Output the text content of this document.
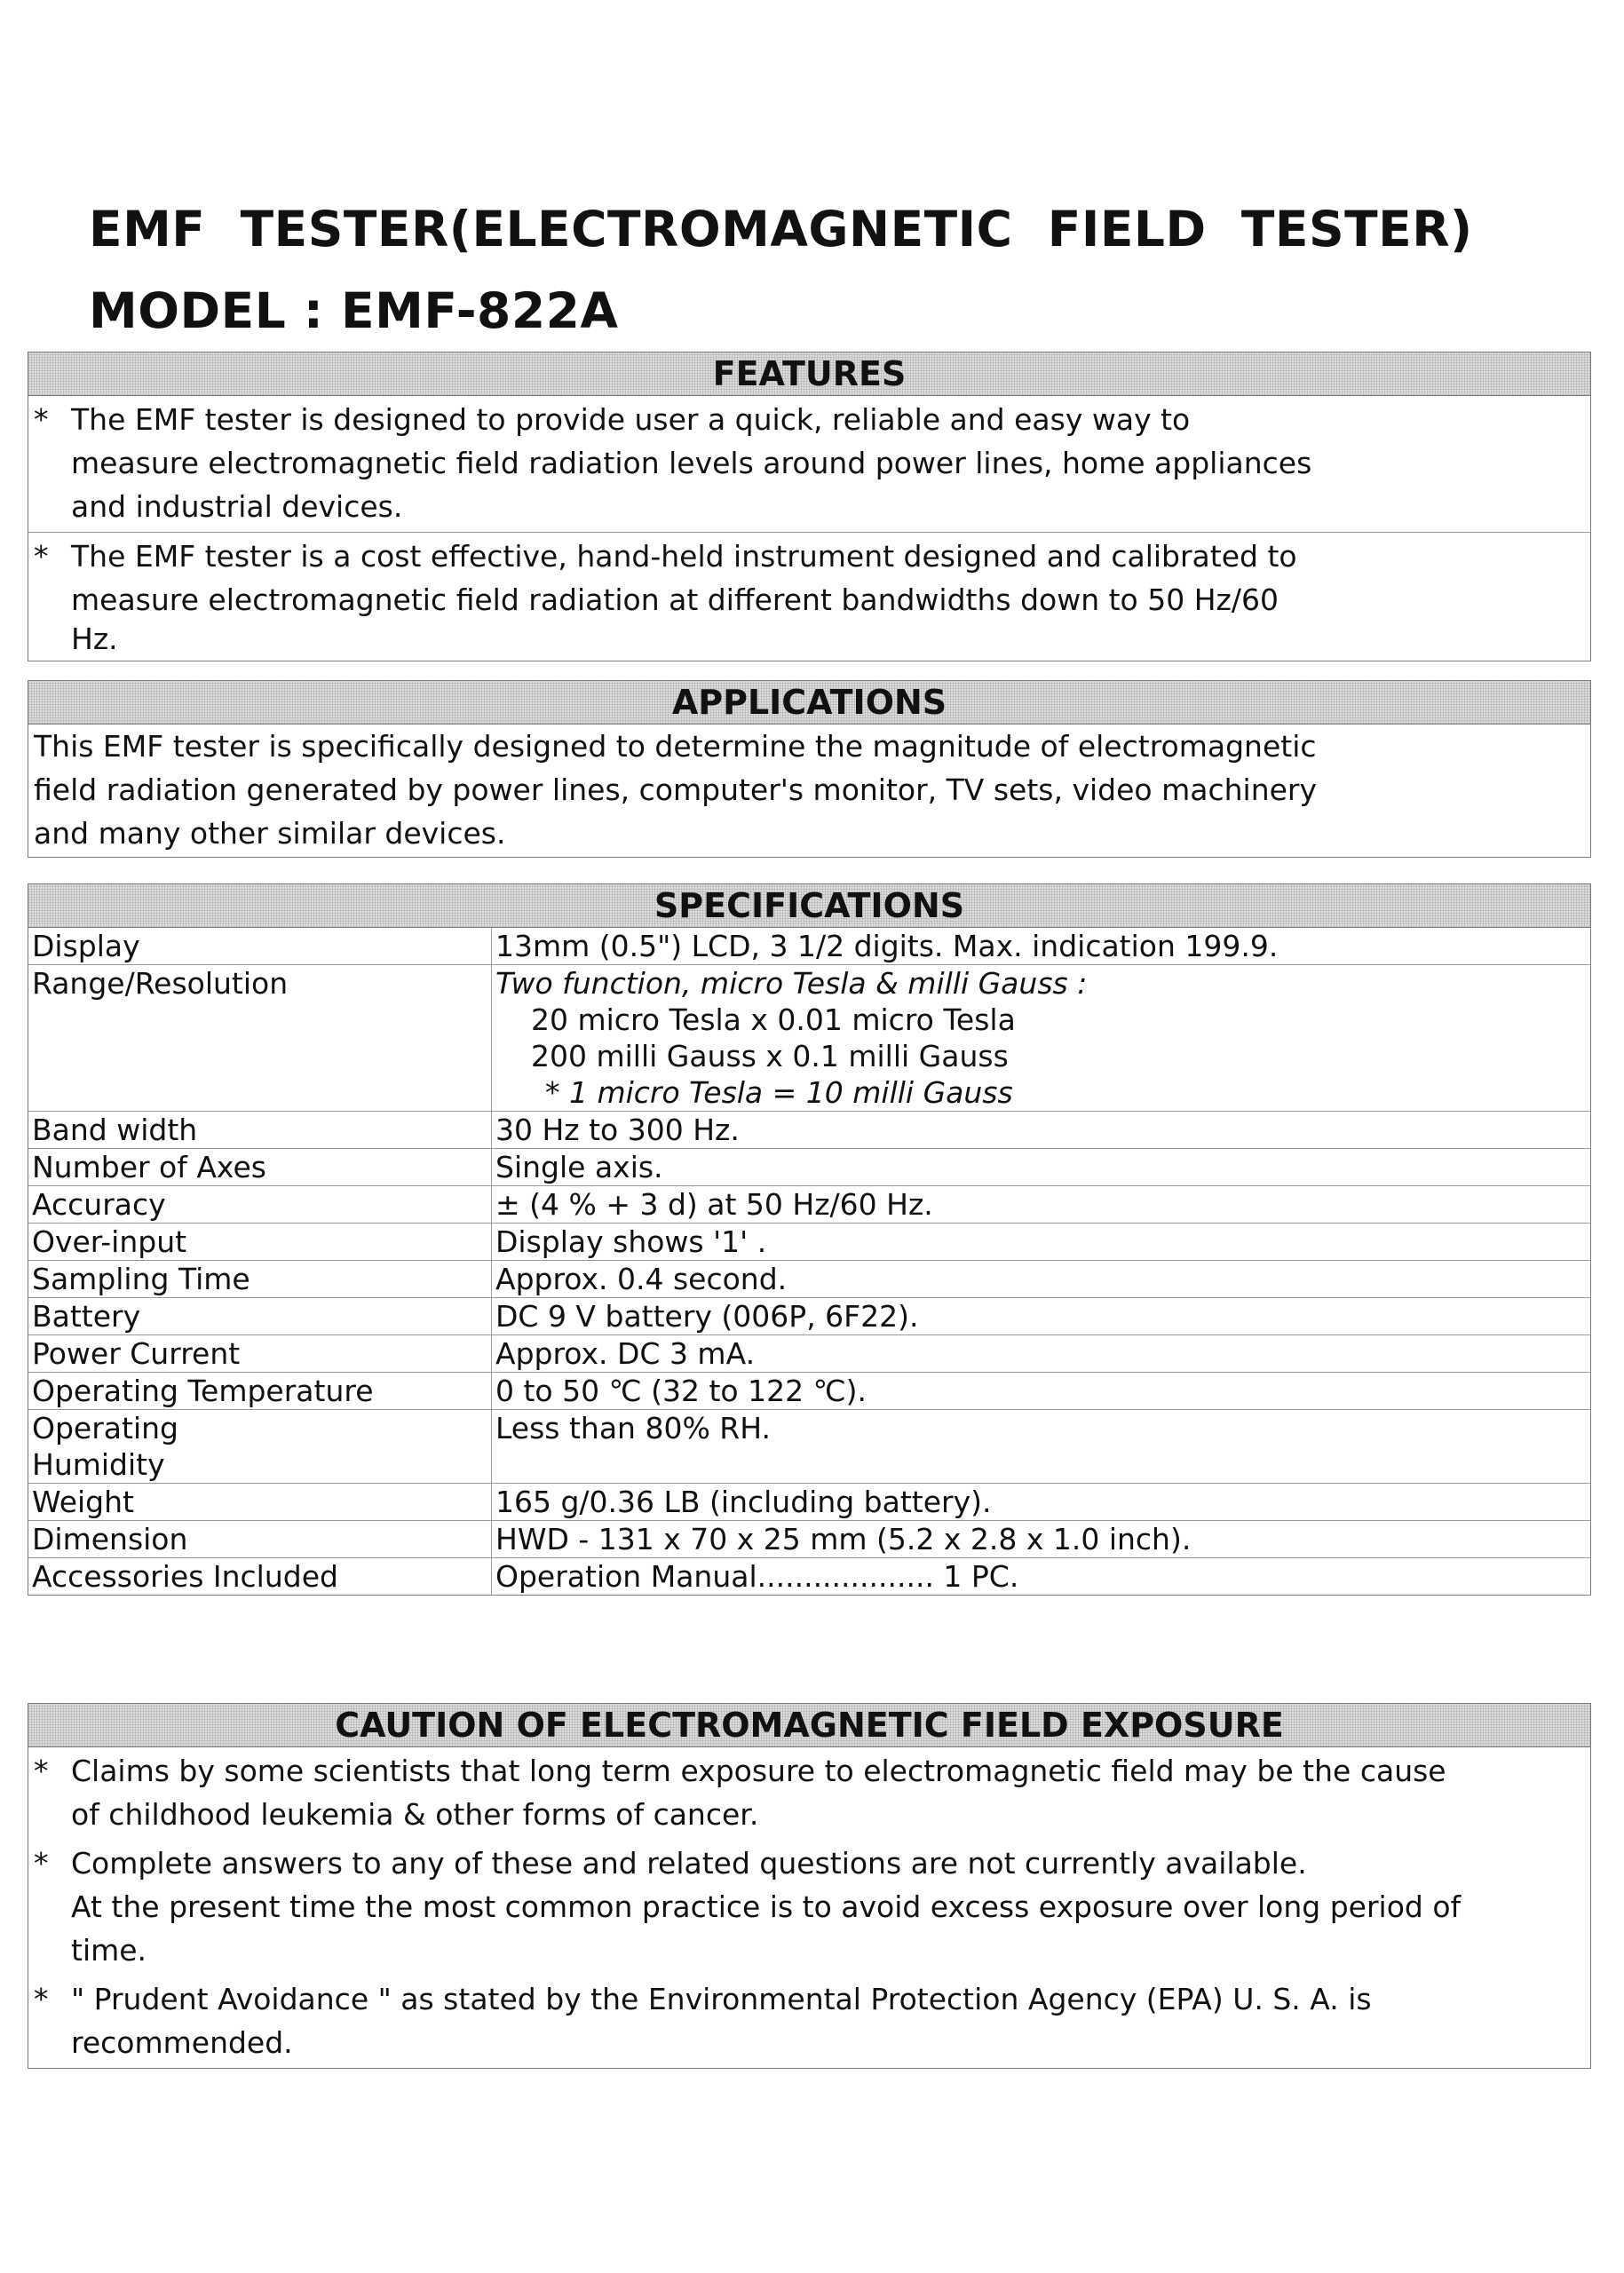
EMF  TESTER(ELECTROMAGNETIC  FIELD  TESTER)
MODEL : EMF-822A
FEATURES
* The EMF tester is designed to provide user a quick, reliable and easy way to
measure electromagnetic field radiation levels around power lines, home appliances
and industrial devices.
* The EMF tester is a cost effective, hand-held instrument designed and calibrated to
measure electromagnetic field radiation at different bandwidths down to 50 Hz/60
Hz.
APPLICATIONS
This EMF tester is specifically designed to determine the magnitude of electromagnetic
field radiation generated by power lines, computer's monitor, TV sets, video machinery
and many other similar devices.
SPECIFICATIONS
Display	13mm (0.5") LCD, 3 1/2 digits. Max. indication 199.9.
Range/Resolution	Two function, micro Tesla & milli Gauss :
20 micro Tesla x 0.01 micro Tesla
200 milli Gauss x 0.1 milli Gauss
* 1 micro Tesla = 10 milli Gauss

Band width	30 Hz to 300 Hz.
Number of Axes	Single axis.
Accuracy	± (4 % + 3 d) at 50 Hz/60 Hz.
Over-input	Display shows '1' .
Sampling Time	Approx. 0.4 second.
Battery	DC 9 V battery (006P, 6F22).
Power Current	Approx. DC 3 mA.
Operating Temperature	0 to 50 ℃ (32 to 122 ℃).

Operating
Humidity	Less than 80% RH.
Weight	165 g/0.36 LB (including battery).
Dimension	HWD - 131 x 70 x 25 mm (5.2 x 2.8 x 1.0 inch).
Accessories Included	Operation Manual................... 1 PC.
CAUTION OF ELECTROMAGNETIC FIELD EXPOSURE
* Claims by some scientists that long term exposure to electromagnetic field may be the cause
of childhood leukemia & other forms of cancer.
* Complete answers to any of these and related questions are not currently available.
At the present time the most common practice is to avoid excess exposure over long period of
time.
* " Prudent Avoidance " as stated by the Environmental Protection Agency (EPA) U. S. A. is
recommended.
